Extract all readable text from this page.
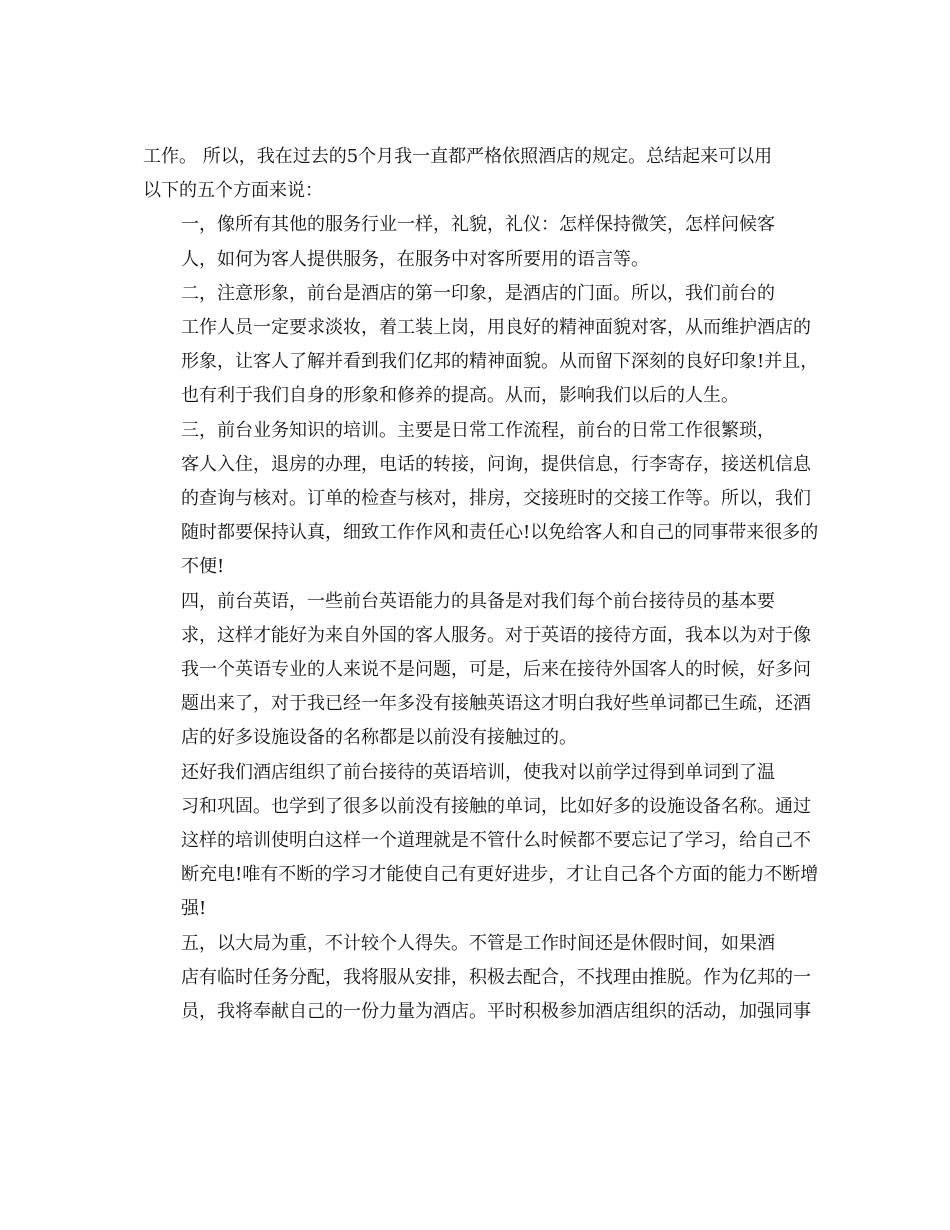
工作。 所以，我在过去的5个月我一直都严格依照酒店的规定。总结起来可以用
以下的五个方面来说：

一，像所有其他的服务行业一样，礼貌，礼仪：怎样保持微笑，怎样问候客
人，如何为客人提供服务，在服务中对客所要用的语言等。

二，注意形象，前台是酒店的第一印象，是酒店的门面。所以，我们前台的
工作人员一定要求淡妆，着工装上岗，用良好的精神面貌对客，从而维护酒店的
形象，让客人了解并看到我们亿邦的精神面貌。从而留下深刻的良好印象!并且，
也有利于我们自身的形象和修养的提高。从而，影响我们以后的人生。

三，前台业务知识的培训。主要是日常工作流程，前台的日常工作很繁琐，
客人入住，退房的办理，电话的转接，问询，提供信息，行李寄存，接送机信息
的查询与核对。订单的检查与核对，排房，交接班时的交接工作等。所以，我们
随时都要保持认真，细致工作作风和责任心!以免给客人和自己的同事带来很多的
不便!

四，前台英语，一些前台英语能力的具备是对我们每个前台接待员的基本要
求，这样才能好为来自外国的客人服务。对于英语的接待方面，我本以为对于像
我一个英语专业的人来说不是问题，可是，后来在接待外国客人的时候，好多问
题出来了，对于我已经一年多没有接触英语这才明白我好些单词都已生疏，还酒
店的好多设施设备的名称都是以前没有接触过的。

还好我们酒店组织了前台接待的英语培训，使我对以前学过得到单词到了温
习和巩固。也学到了很多以前没有接触的单词，比如好多的设施设备名称。通过
这样的培训使明白这样一个道理就是不管什么时候都不要忘记了学习，给自己不
断充电!唯有不断的学习才能使自己有更好进步，才让自己各个方面的能力不断增
强!

五，以大局为重，不计较个人得失。不管是工作时间还是休假时间，如果酒
店有临时任务分配，我将服从安排，积极去配合，不找理由推脱。作为亿邦的一
员，我将奉献自己的一份力量为酒店。平时积极参加酒店组织的活动，加强同事
